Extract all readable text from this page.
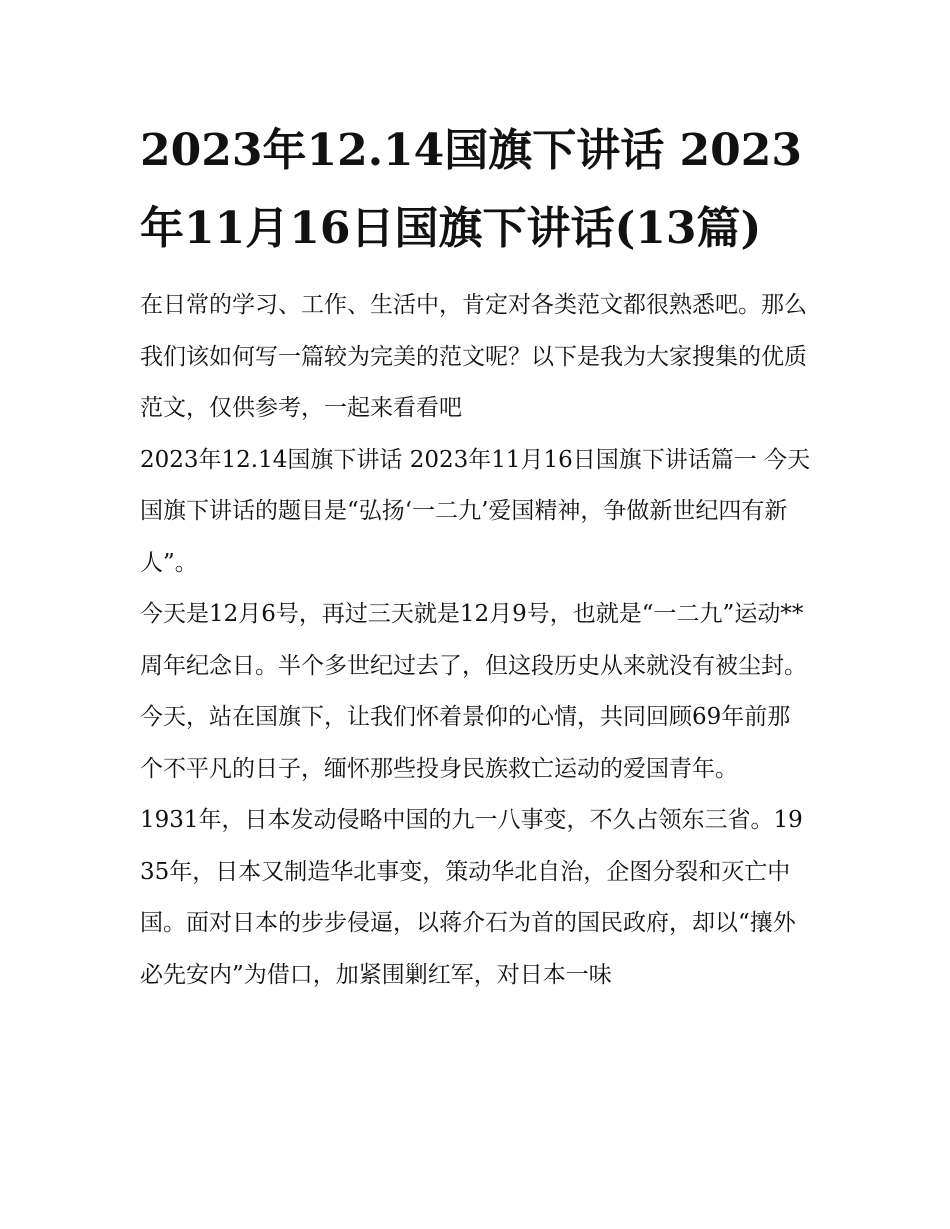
2023年12.14国旗下讲话 2023年11月16日国旗下讲话(13篇)

在日常的学习、工作、生活中，肯定对各类范文都很熟悉吧。那么我们该如何写一篇较为完美的范文呢？以下是我为大家搜集的优质范文，仅供参考，一起来看看吧

2023年12.14国旗下讲话 2023年11月16日国旗下讲话篇一 今天国旗下讲话的题目是“弘扬‘一二九’爱国精神，争做新世纪四有新人”。

今天是12月6号，再过三天就是12月9号，也就是“一二九”运动**周年纪念日。半个多世纪过去了，但这段历史从来就没有被尘封。今天，站在国旗下，让我们怀着景仰的心情，共同回顾69年前那个不平凡的日子，缅怀那些投身民族救亡运动的爱国青年。

1931年，日本发动侵略中国的九一八事变，不久占领东三省。1935年，日本又制造华北事变，策动华北自治，企图分裂和灭亡中国。面对日本的步步侵逼，以蒋介石为首的国民政府，却以“攘外必先安内”为借口，加紧围剿红军，对日本一味
